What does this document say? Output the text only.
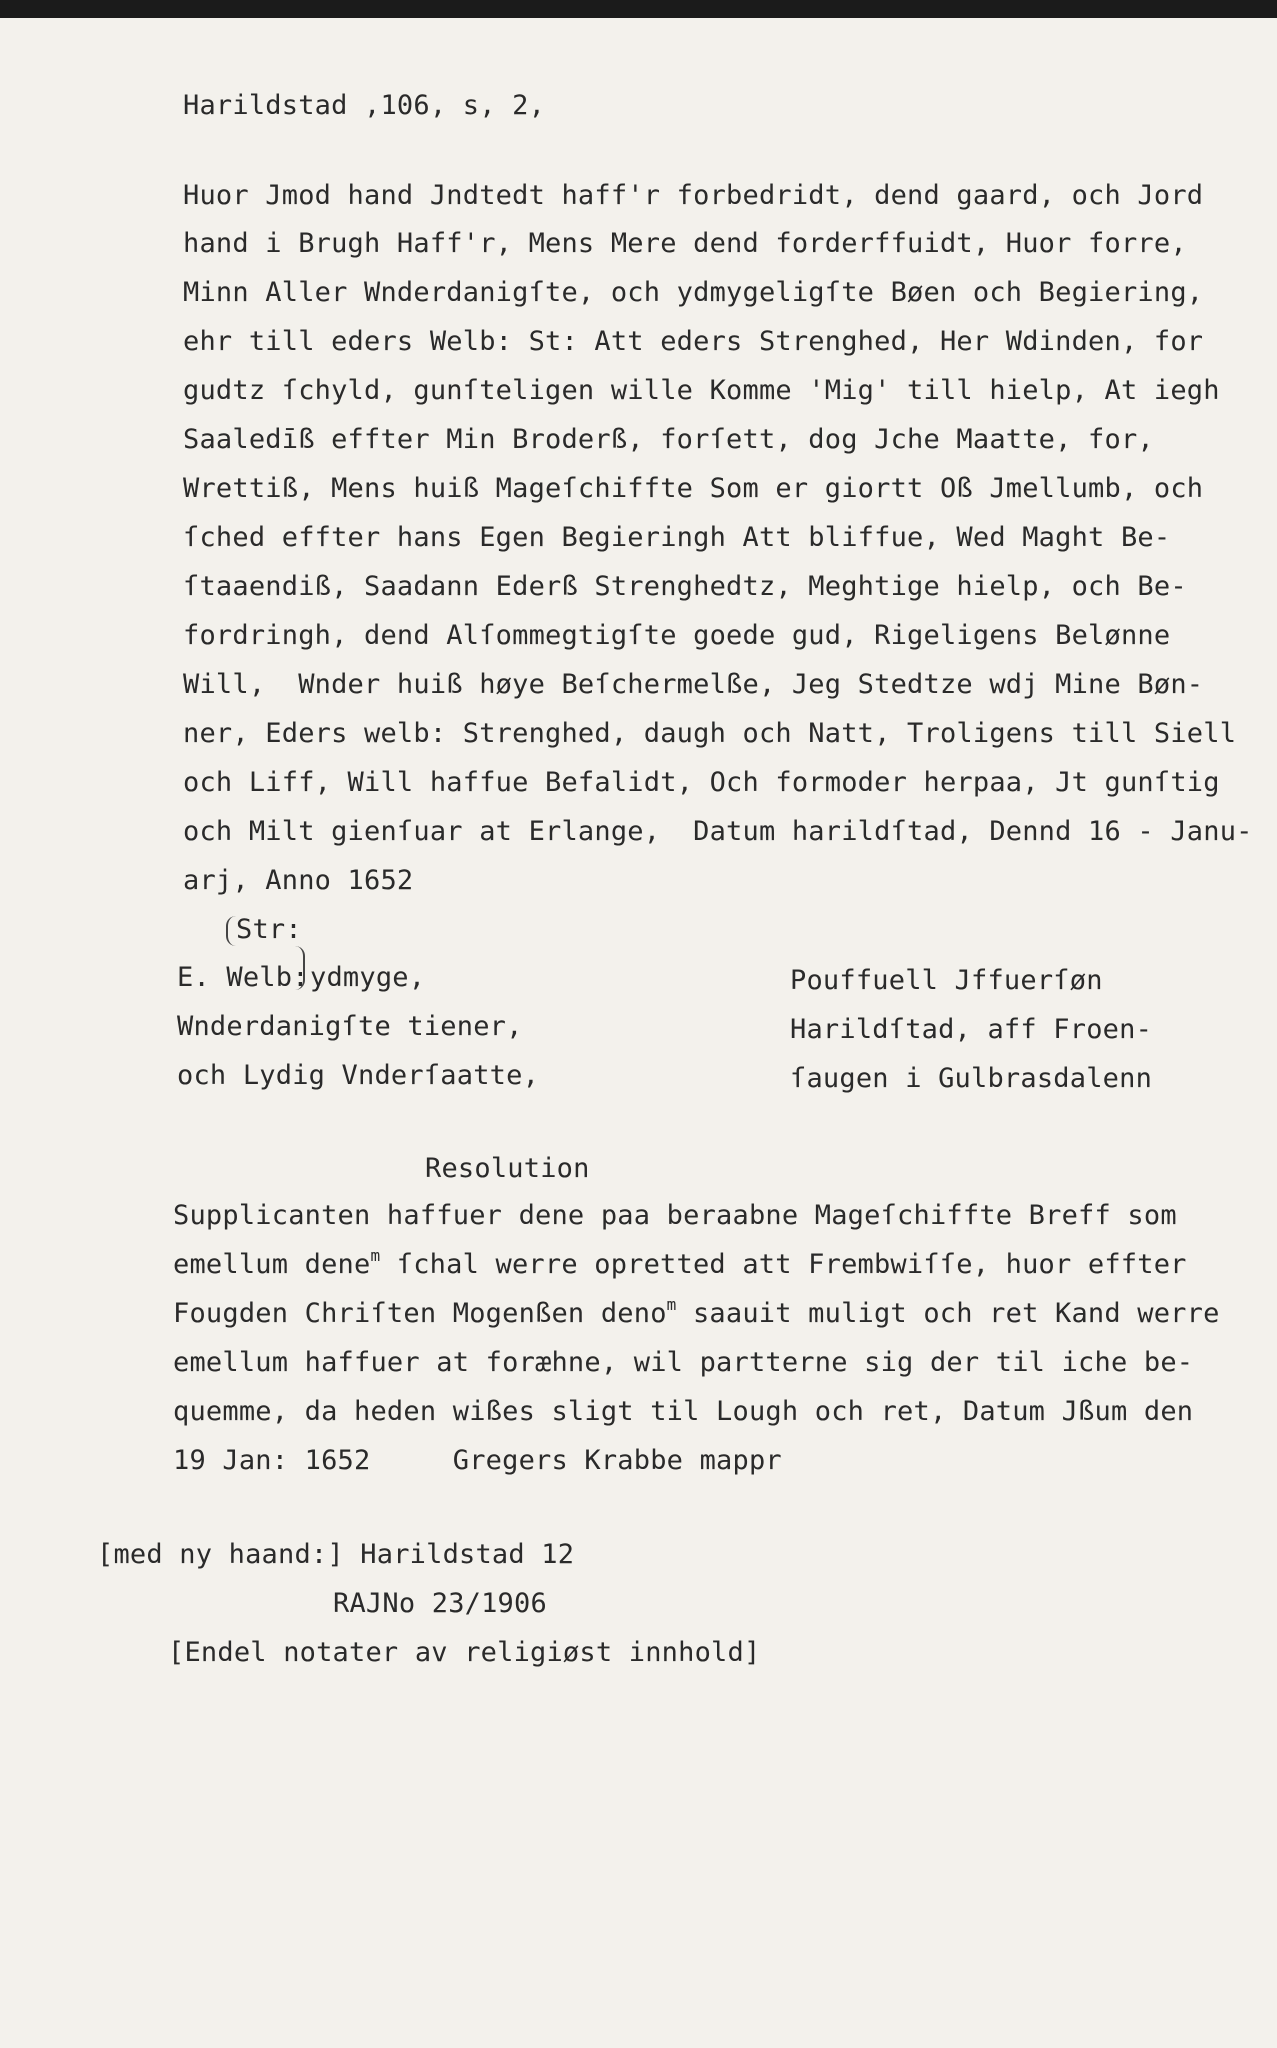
Harildstad ,106, s, 2,
Huor Jmod hand Jndtedt haff'r forbedridt, dend gaard, och Jord
hand i Brugh Haff'r, Mens Mere dend forderffuidt, Huor forre,
Minn Aller Wnderdanigſte, och ydmygeligſte Bøen och Begiering,
ehr till eders Welb: St: Att eders Strenghed, Her Wdinden, for
gudtz ſchyld, gunſteligen wille Komme 'Mig' till hielp, At iegh
Saaledīß effter Min Broderß, forſett, dog Jche Maatte, for,
Wrettiß, Mens huiß Mageſchiffte Som er giortt Oß Jmellumb, och
ſched effter hans Egen Begieringh Att bliffue, Wed Maght Be-
ſtaaendiß, Saadann Ederß Strenghedtz, Meghtige hielp, och Be-
fordringh, dend Alſommegtigſte goede gud, Rigeligens Belønne
Will,  Wnder huiß høye Beſchermelße, Jeg Stedtze wdj Mine Bøn-
ner, Eders welb: Strenghed, daugh och Natt, Troligens till Siell
och Liff, Will haffue Befalidt, Och formoder herpaa, Jt gunſtig
och Milt gienſuar at Erlange,  Datum harildſtad, Dennd 16 - Janu-
arj, Anno 1652
Str:
E. Welb: ydmyge,
Wnderdanigſte tiener,
och Lydig Vnderſaatte,
Pouffuell Jffuerſøn
Harildſtad, aff Froen-
ſaugen i Gulbrasdalenn
Resolution
Supplicanten haffuer dene paa beraabne Mageſchiffte Breff som
emellum dene$^m$ ſchal werre opretted att Frembwiſſe, huor effter
Fougden Chriſten Mogenßen deno$^m$ saauit muligt och ret Kand werre
emellum haffuer at foræhne, wil partterne sig der til iche be-
quemme, da heden wißes sligt til Lough och ret, Datum Jßum den
19 Jan: 1652     Gregers Krabbe mappr
[med ny haand:] Harildstad 12
RAJNo 23/1906
[Endel notater av religiøst innhold]
